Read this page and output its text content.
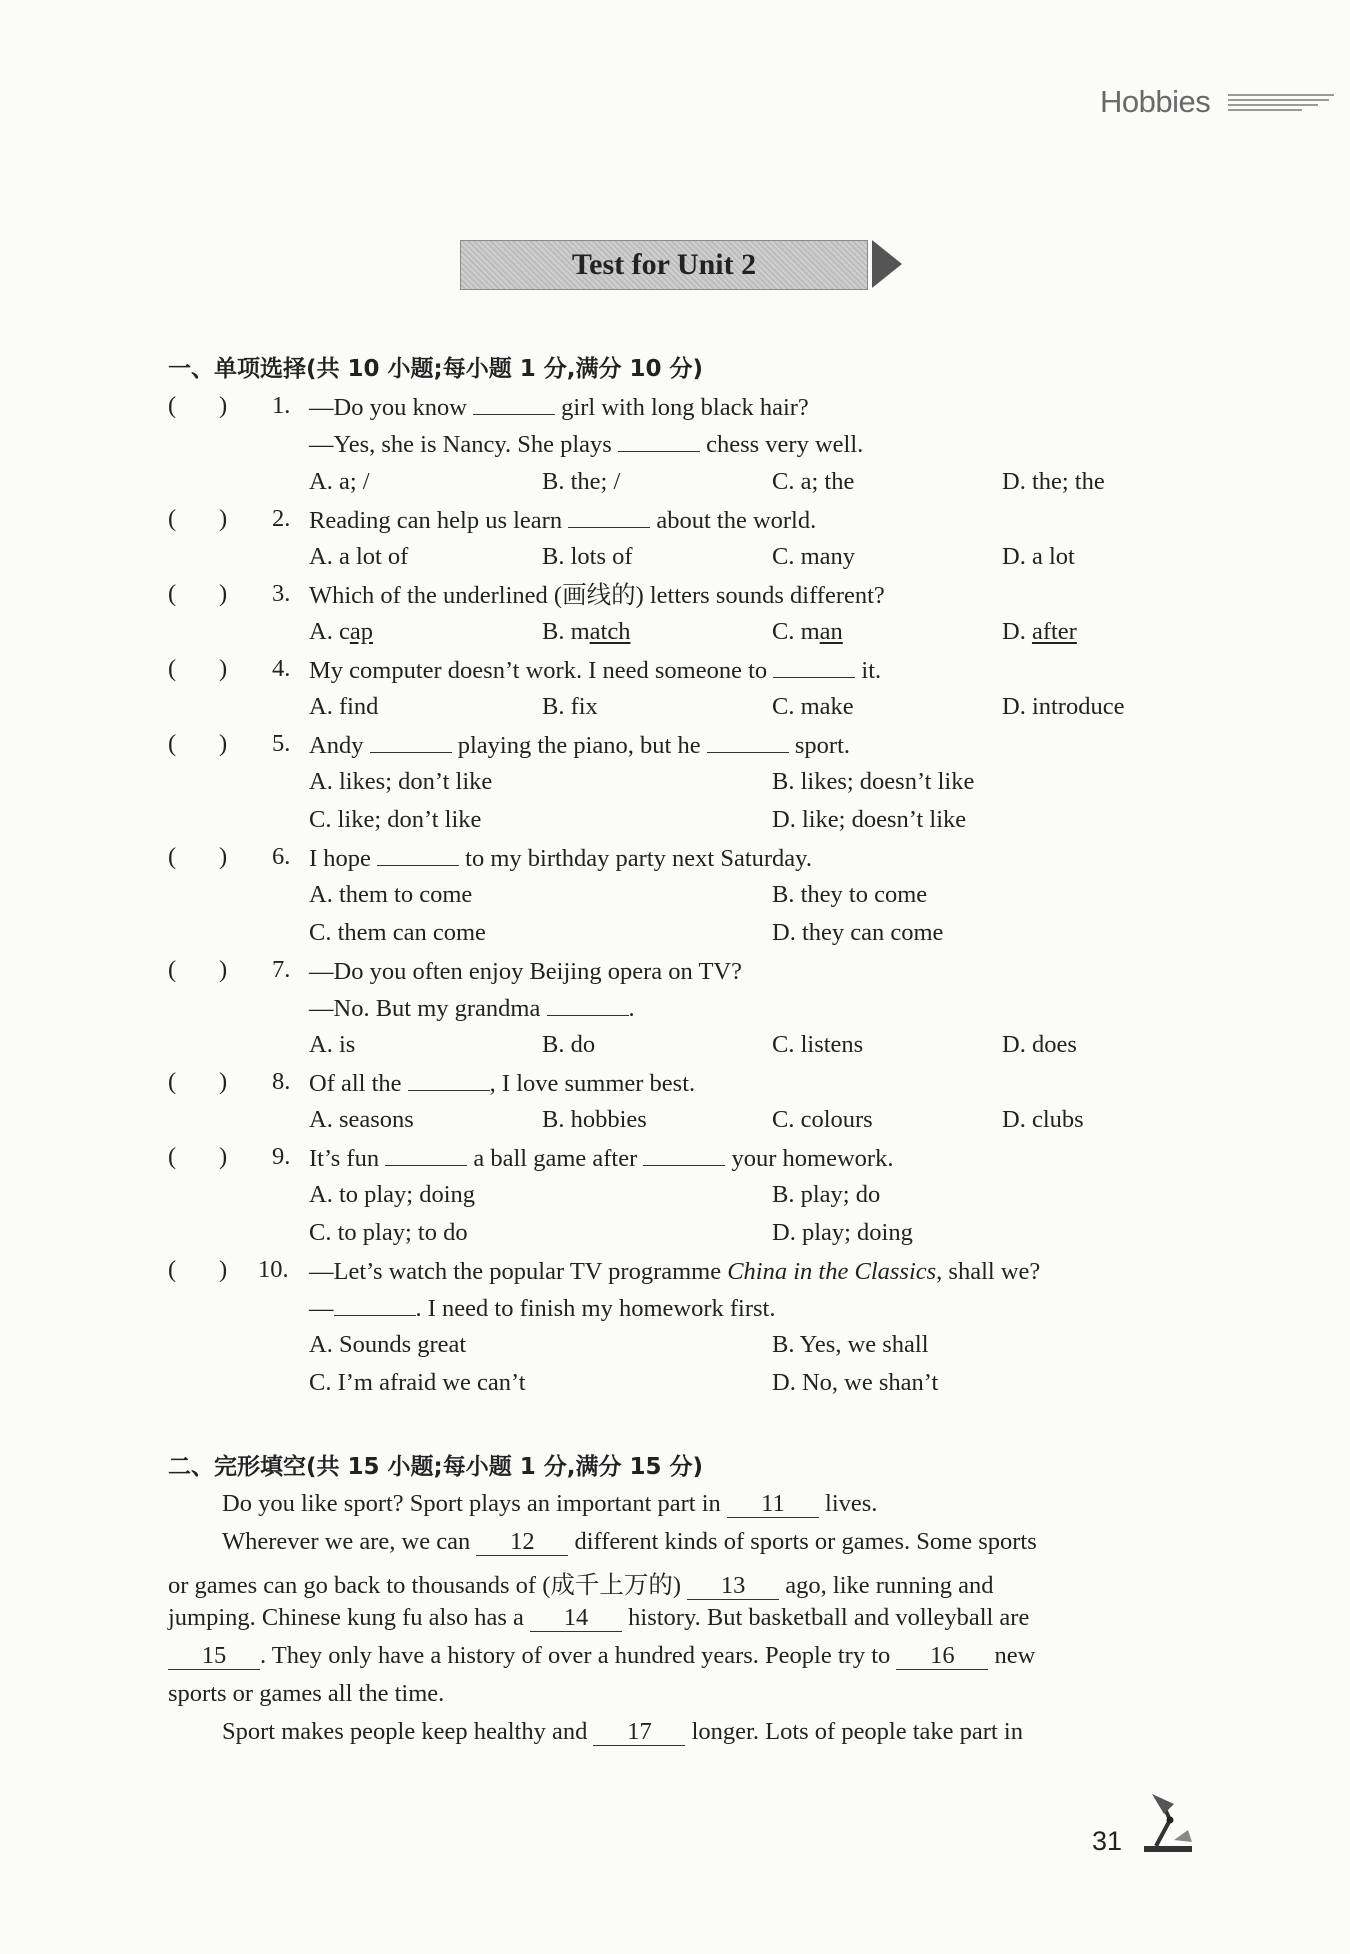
Hobbies
Test for Unit 2
一、单项选择(共 10 小题;每小题 1 分,满分 10 分)
(       ) 1. —Do you know	girl with long black hair?
—Yes, she is Nancy. She plays	chess very well.
A. a; /	B. the; /	C. a; the	D. the; the
(       ) 2. Reading can help us learn	about the world.
A. a lot of	B. lots of	C. many	D. a lot
(       ) 3. Which of the underlined (画线的) letters sounds different?
A. cap	B. match	C. man	D. after
(       ) 4. My computer doesn’t work. I need someone to	it.
A. find	B. fix	C. make	D. introduce
(       ) 5. Andy	playing the piano, but he	sport.
A. likes; don’t like	B. likes; doesn’t like
C. like; don’t like	D. like; doesn’t like
(       ) 6. I hope	to my birthday party next Saturday.
A. them to come	B. they to come
C. them can come	D. they can come
(       ) 7. —Do you often enjoy Beijing opera on TV?
—No. But my grandma	.
A. is	B. do	C. listens	D. does
(       ) 8. Of all the	, I love summer best.
A. seasons	B. hobbies	C. colours	D. clubs
(       ) 9. It’s fun	a ball game after	your homework.
A. to play; doing	B. play; do
C. to play; to do	D. play; doing
(       ) 10. —Let’s watch the popular TV programme China in the Classics, shall we?
—	. I need to finish my homework first.
A. Sounds great	B. Yes, we shall
C. I’m afraid we can’t	D. No, we shan’t
二、完形填空(共 15 小题;每小题 1 分,满分 15 分)
Do you like sport? Sport plays an important part in 11 lives.
Wherever we are, we can 12 different kinds of sports or games. Some sports
or games can go back to thousands of (成千上万的) 13 ago, like running and
jumping. Chinese kung fu also has a 14 history. But basketball and volleyball are
15 . They only have a history of over a hundred years. People try to 16 new
sports or games all the time.
Sport makes people keep healthy and 17 longer. Lots of people take part in
31
